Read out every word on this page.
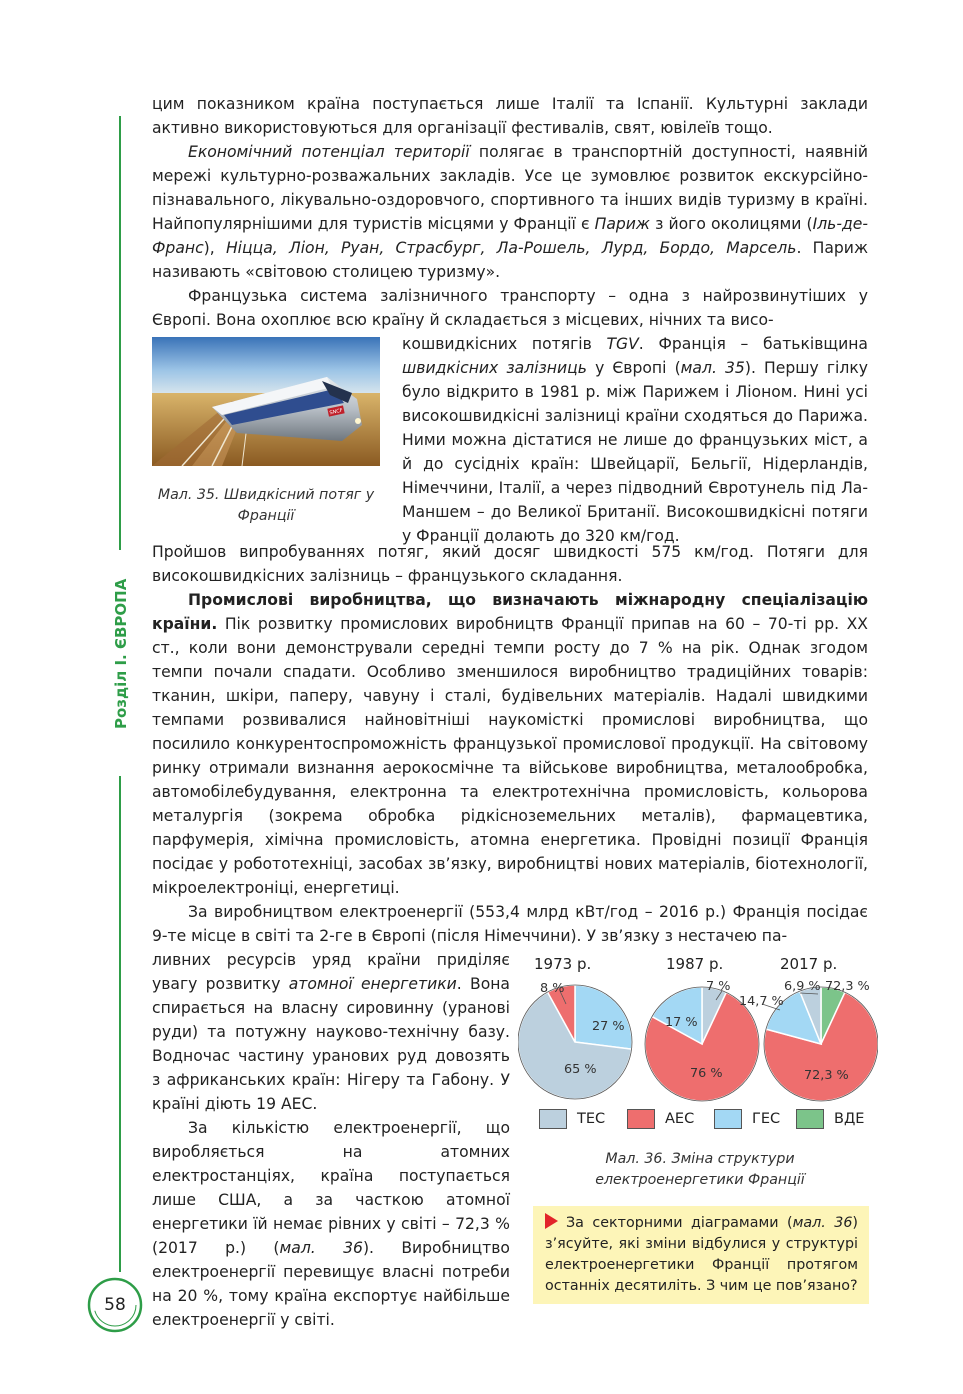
Розділ І. ЄВРОПА

цим показником країна поступається лише Італії та Іспанії. Культурні заклади активно використовуються для організації фестивалів, свят, ювілеїв тощо.

Економічний потенціал території полягає в транспортній доступності, наявній мережі культурно-розважальних закладів. Усе це зумовлює розвиток екскурсійно-пізнавального, лікувально-оздоровчого, спортивного та інших видів туризму в країні. Найпопулярнішими для туристів місцями у Франції є Париж з його околицями (Іль-де-Франс), Ніцца, Ліон, Руан, Страсбург, Ла-Рошель, Лурд, Бордо, Марсель. Париж називають «світовою столицею туризму».

Французька система залізничного транспорту – одна з найрозвинутіших у Європі. Вона охоплює всю країну й складається з місцевих, нічних та висо-

кошвидкісних потягів TGV. Франція – батьківщина швидкісних залізниць у Європі (мал. 35). Першу гілку було відкрито в 1981 р. між Парижем і Ліоном. Нині усі високошвидкісні залізниці країни сходяться до Парижа. Ними можна дістатися не лише до французьких міст, а й до сусідніх країн: Швейцарії, Бельгії, Нідерландів, Німеччини, Італії, а через підводний Євротунель під Ла-Маншем – до Великої Британії. Високошвидкісні потяги у Франції долають до 320 км/год.

SNCF
Мал. 35. Швидкісний потяг у Франції

Пройшов випробуваннях потяг, який досяг швидкості 575 км/год. Потяги для високошвидкісних залізниць – французького складання.

Промислові виробництва, що визначають міжнародну спеціалізацію країни. Пік розвитку промислових виробництв Франції припав на 60 – 70-ті рр. XX ст., коли вони демонстрували середні темпи росту до 7 % на рік. Однак згодом темпи почали спадати. Особливо зменшилося виробництво традиційних товарів: тканин, шкіри, паперу, чавуну і сталі, будівельних матеріалів. Надалі швидкими темпами розвивалися найновітніші наукомісткі промислові виробництва, що посилило конкурентоспроможність французької промислової продукції. На світовому ринку отримали визнання аерокосмічне та військове виробництва, металообробка, автомобілебудування, електронна та електротехнічна промисловість, кольорова металургія (зокрема обробка рідкісноземельних металів), фармацевтика, парфумерія, хімічна промисловість, атомна енергетика. Провідні позиції Франція посідає у робототехніці, засобах зв’язку, виробництві нових матеріалів, біотехнології, мікроелектроніці, енергетиці.

За виробництвом електроенергії (553,4 млрд кВт/год – 2016 р.) Франція посідає 9-те місце в світі та 2-ге в Європі (після Німеччини). У зв’язку з нестачею па-

ливних ресурсів уряд країни приділяє увагу розвитку атомної енергетики. Вона спирається на власну сировинну (уранові руди) та потужну науково-технічну базу. Водночас частину уранових руд довозять з африканських країн: Нігеру та Габону. У країні діють 19 АЕС.

За кількістю електроенергії, що виробляється на атомних електростанціях, країна поступається лише США, а за часткою атомної енергетики їй немає рівних у світі – 72,3 % (2017 р.) (мал. 36). Виробництво електроенергії перевищує власні потреби на 20 %, тому країна експортує найбільше електроенергії у світі.

1973 р.	1987 р.	2017 р.
8 %
27 %
65 %
7 %
17 %
76 %
6,9 % 72,3 %
14,7 %
72,3 %
ТЕС	АЕС	ГЕС	ВДЕ
Мал. 36. Зміна структури електроенергетики Франції
За секторними діаграмами (мал. 36) з’ясуйте, які зміни відбулися у структурі електроенергетики Франції протягом останніх десятиліть. З чим це пов’язано?
58
